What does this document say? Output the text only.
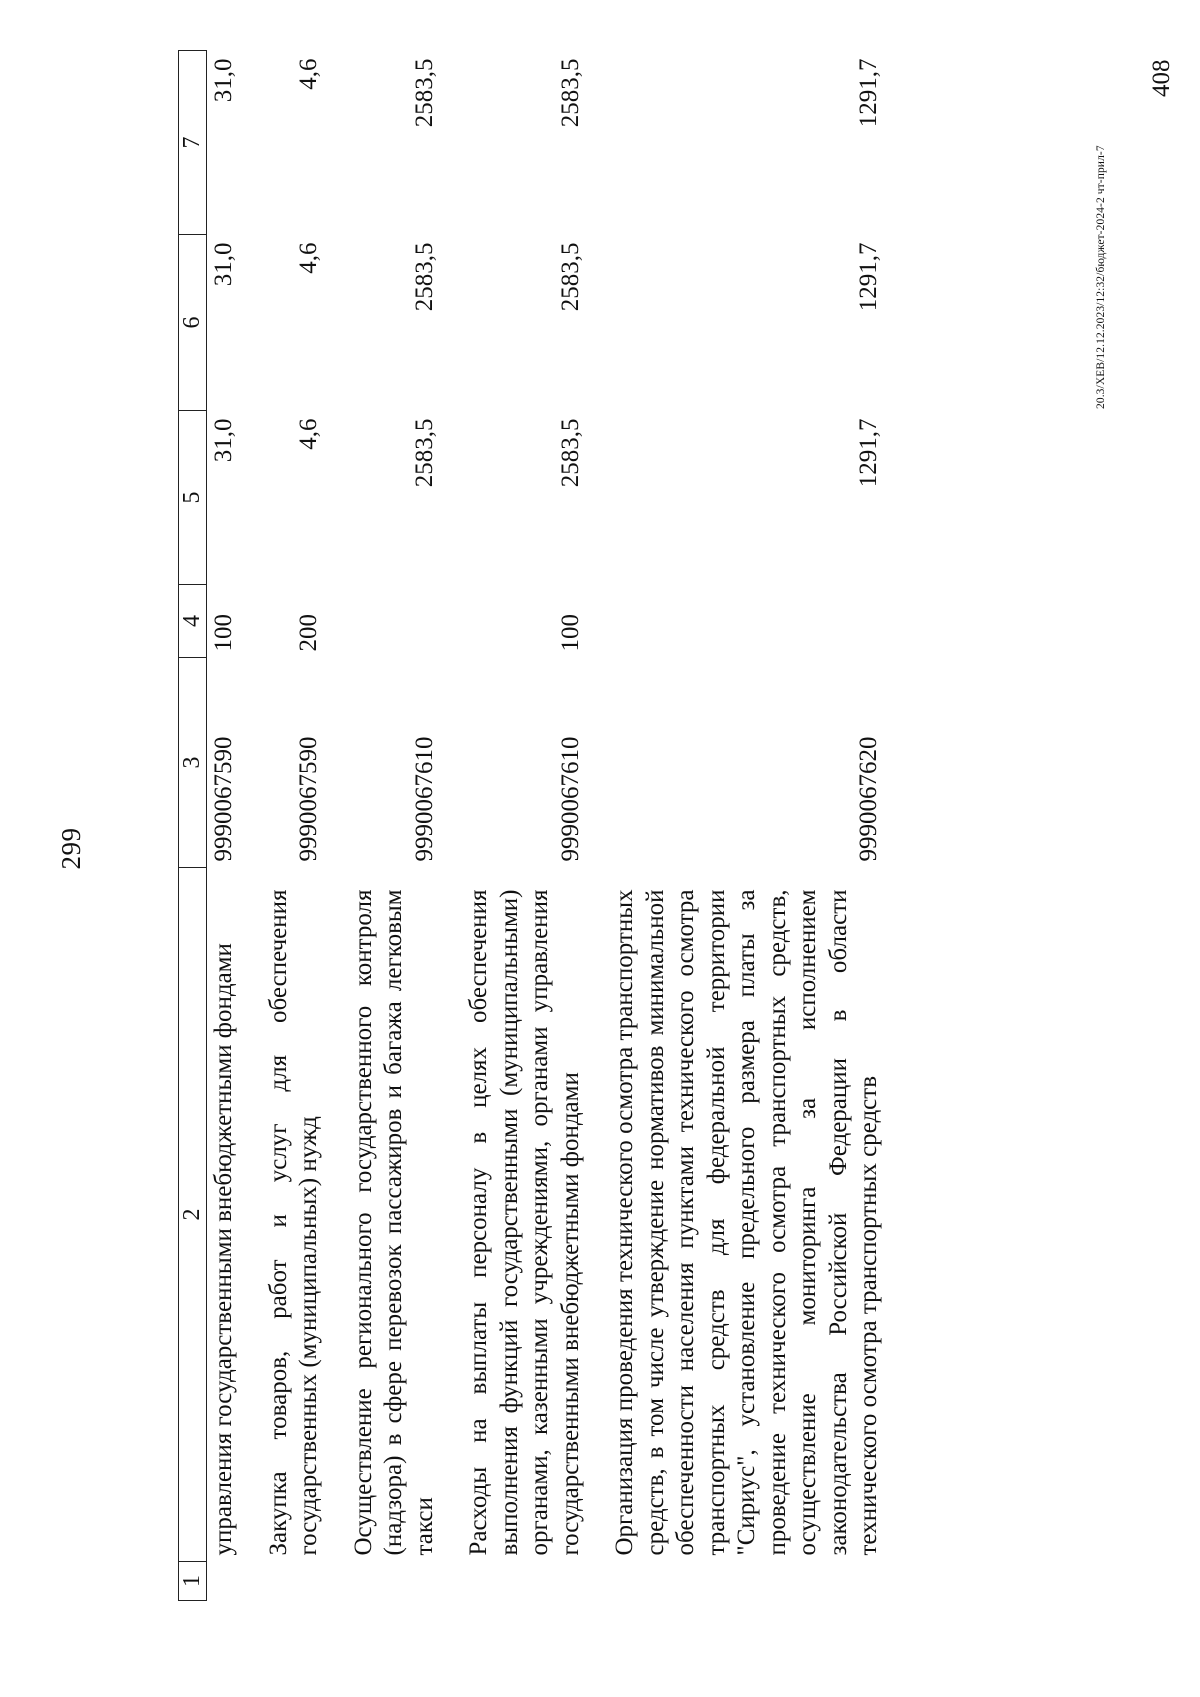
299
1	2	3	4	5	6	7

	управления государственными внебюджетными фондами	9990067590	100	31,0	31,0	31,0

	Закупка товаров, работ и услуг для обеспечения государственных (муниципальных) нужд	9990067590	200	4,6	4,6	4,6

	Осуществление регионального государственного контроля (надзора) в сфере перевозок пассажиров и багажа легковым такси	9990067610		2583,5	2583,5	2583,5

	Расходы на выплаты персоналу в целях обеспечения выполнения функций государственными (муниципальными) органами, казенными учреждениями, органами управления государственными внебюджетными фондами	9990067610	100	2583,5	2583,5	2583,5

	Организация проведения технического осмотра транспортных средств, в том числе утверждение нормативов минимальной обеспеченности населения пунктами технического осмотра транспортных средств для федеральной территории "Сириус", установление предельного размера платы за проведение технического осмотра транспортных средств, осуществление мониторинга за исполнением законодательства Российской Федерации в области технического осмотра транспортных средств	9990067620		1291,7	1291,7	1291,7
20.3/XEB/12.12.2023/12:32/бюджет-2024-2 чт-прил-7
408
